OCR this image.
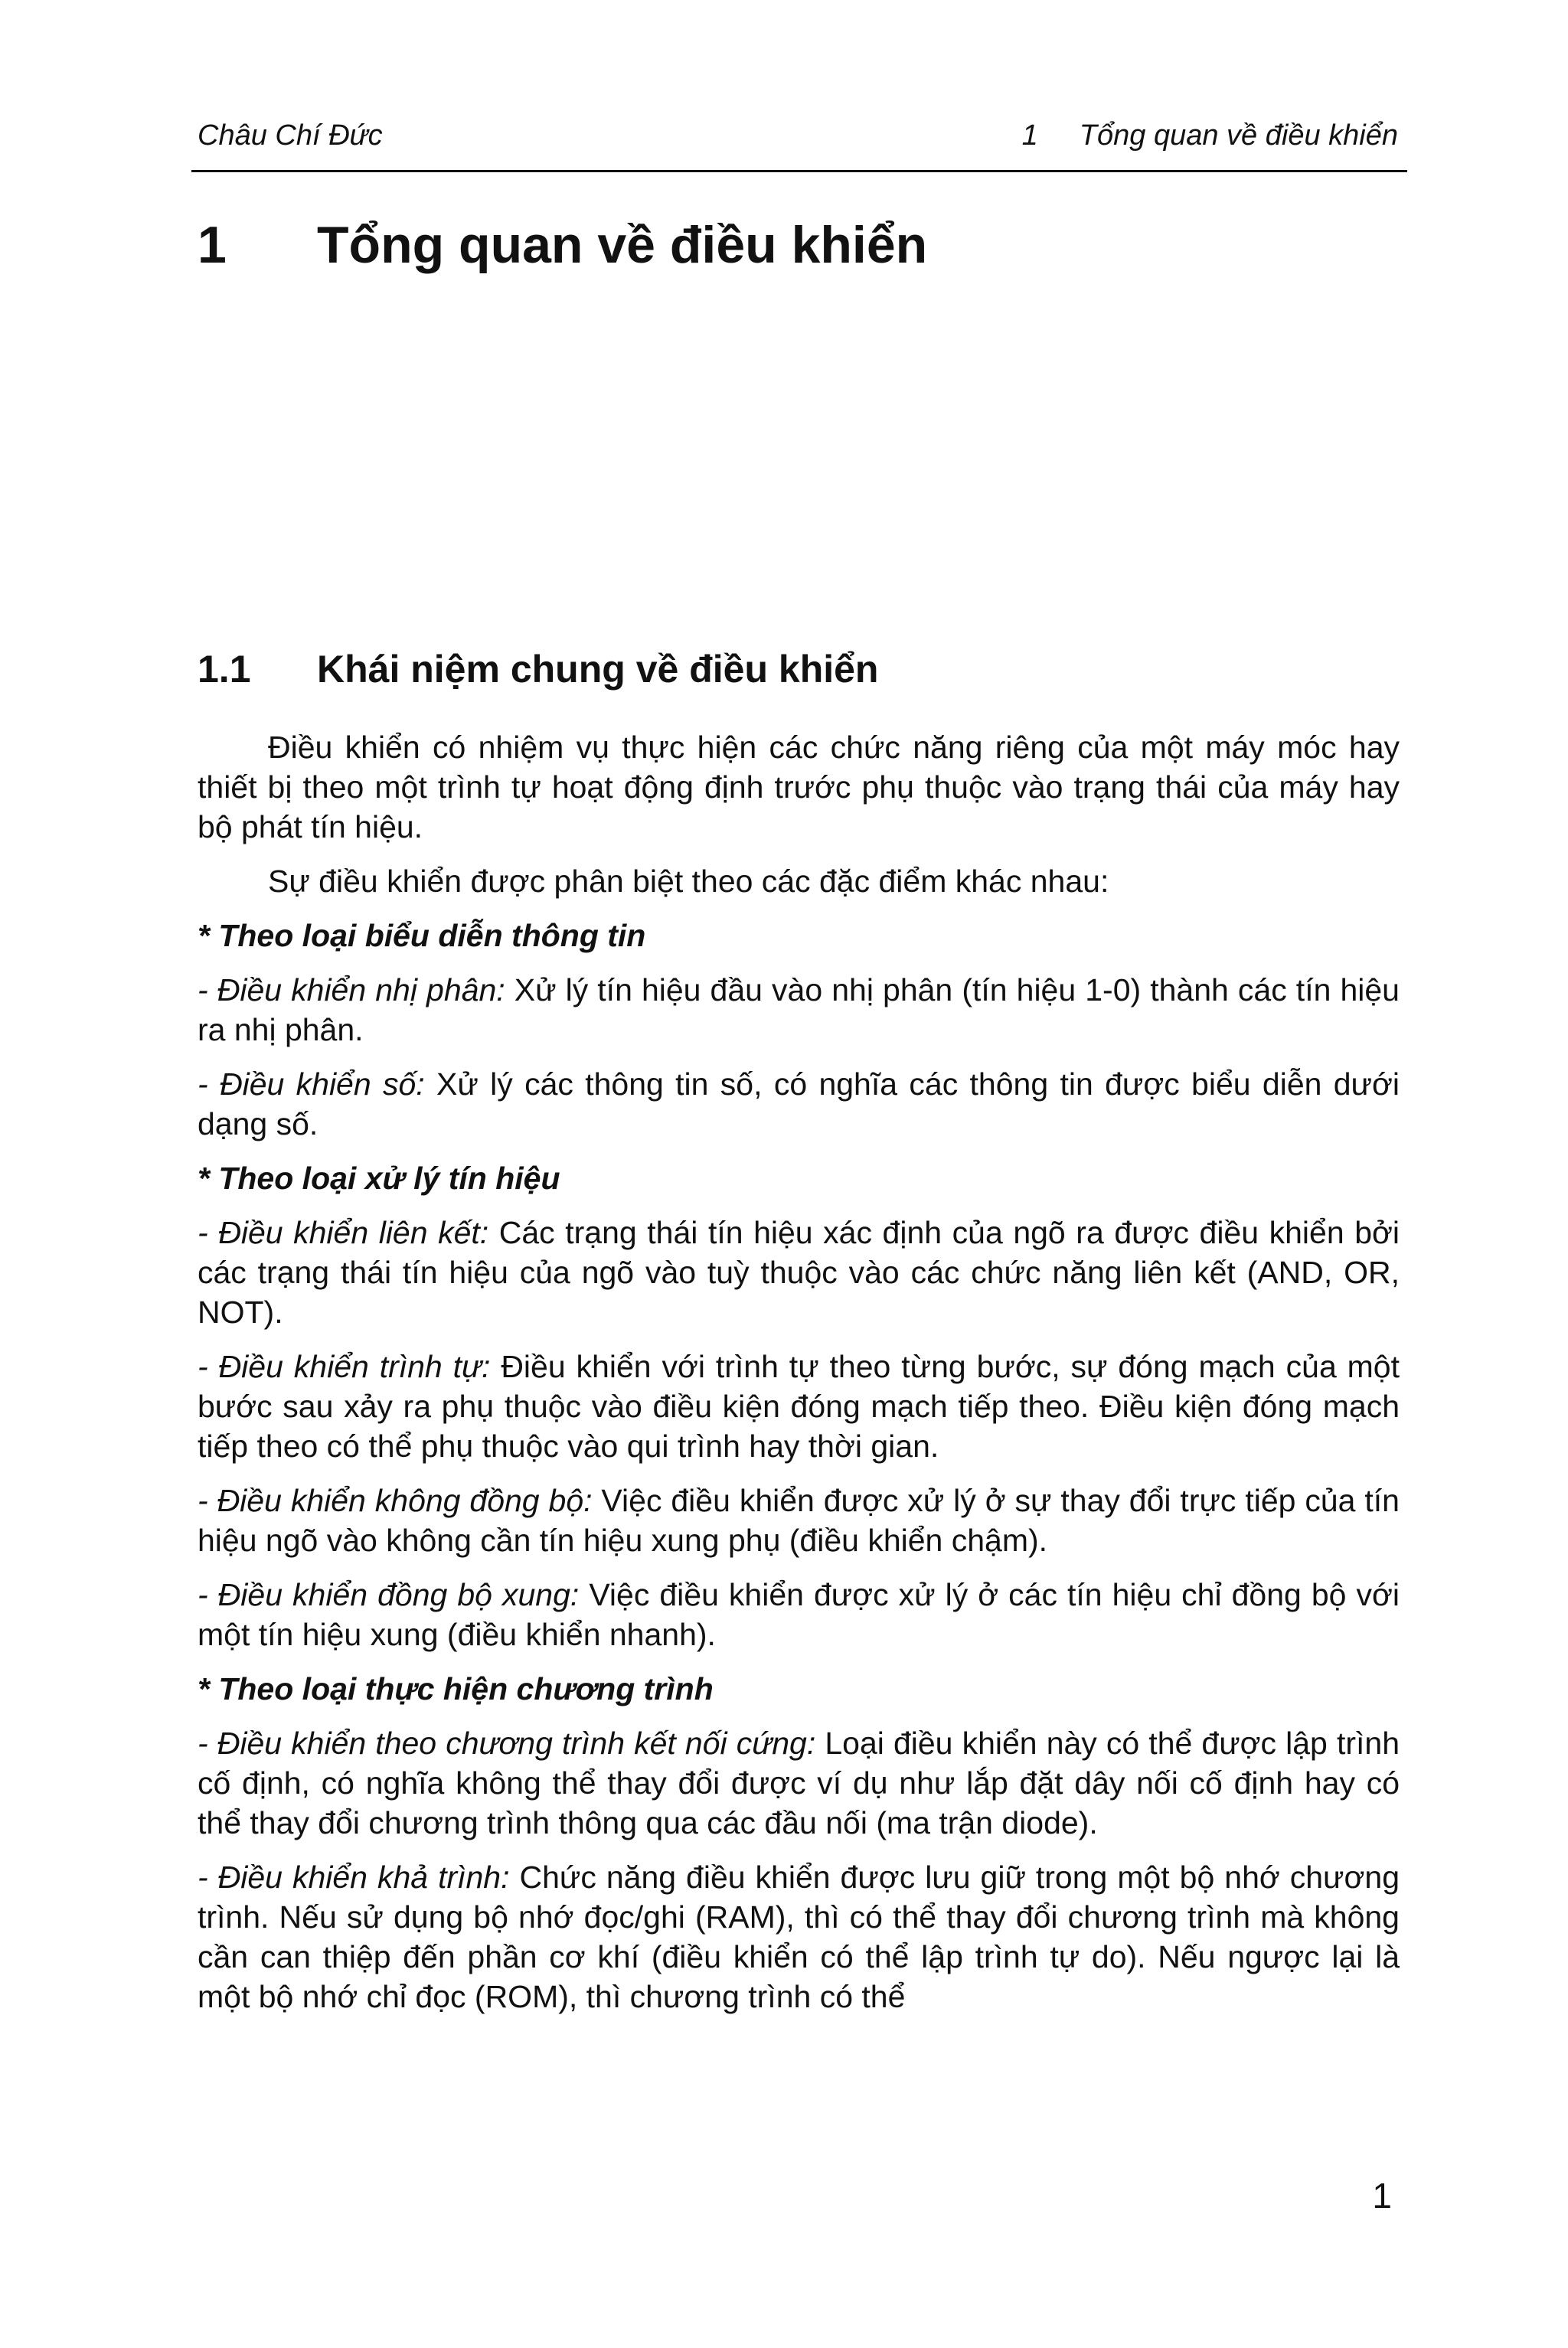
Châu Chí Đức	1 Tổng quan về điều khiển
1 Tổng quan về điều khiển
1.1 Khái niệm chung về điều khiển

Điều khiển có nhiệm vụ thực hiện các chức năng riêng của một máy móc hay thiết bị theo một trình tự hoạt động định trước phụ thuộc vào trạng thái của máy hay bộ phát tín hiệu.

Sự điều khiển được phân biệt theo các đặc điểm khác nhau:

* Theo loại biểu diễn thông tin

- Điều khiển nhị phân: Xử lý tín hiệu đầu vào nhị phân (tín hiệu 1-0) thành các tín hiệu ra nhị phân.

- Điều khiển số: Xử lý các thông tin số, có nghĩa các thông tin được biểu diễn dưới dạng số.

* Theo loại xử lý tín hiệu

- Điều khiển liên kết: Các trạng thái tín hiệu xác định của ngõ ra được điều khiển bởi các trạng thái tín hiệu của ngõ vào tuỳ thuộc vào các chức năng liên kết (AND, OR, NOT).

- Điều khiển trình tự: Điều khiển với trình tự theo từng bước, sự đóng mạch của một bước sau xảy ra phụ thuộc vào điều kiện đóng mạch tiếp theo. Điều kiện đóng mạch tiếp theo có thể phụ thuộc vào qui trình hay thời gian.

- Điều khiển không đồng bộ: Việc điều khiển được xử lý ở sự thay đổi trực tiếp của tín hiệu ngõ vào không cần tín hiệu xung phụ (điều khiển chậm).

- Điều khiển đồng bộ xung: Việc điều khiển được xử lý ở các tín hiệu chỉ đồng bộ với một tín hiệu xung (điều khiển nhanh).

* Theo loại thực hiện chương trình

- Điều khiển theo chương trình kết nối cứng: Loại điều khiển này có thể được lập trình cố định, có nghĩa không thể thay đổi được ví dụ như lắp đặt dây nối cố định hay có thể thay đổi chương trình thông qua các đầu nối (ma trận diode).

- Điều khiển khả trình: Chức năng điều khiển được lưu giữ trong một bộ nhớ chương trình. Nếu sử dụng bộ nhớ đọc/ghi (RAM), thì có thể thay đổi chương trình mà không cần can thiệp đến phần cơ khí (điều khiển có thể lập trình tự do). Nếu ngược lại là một bộ nhớ chỉ đọc (ROM), thì chương trình có thể

1
